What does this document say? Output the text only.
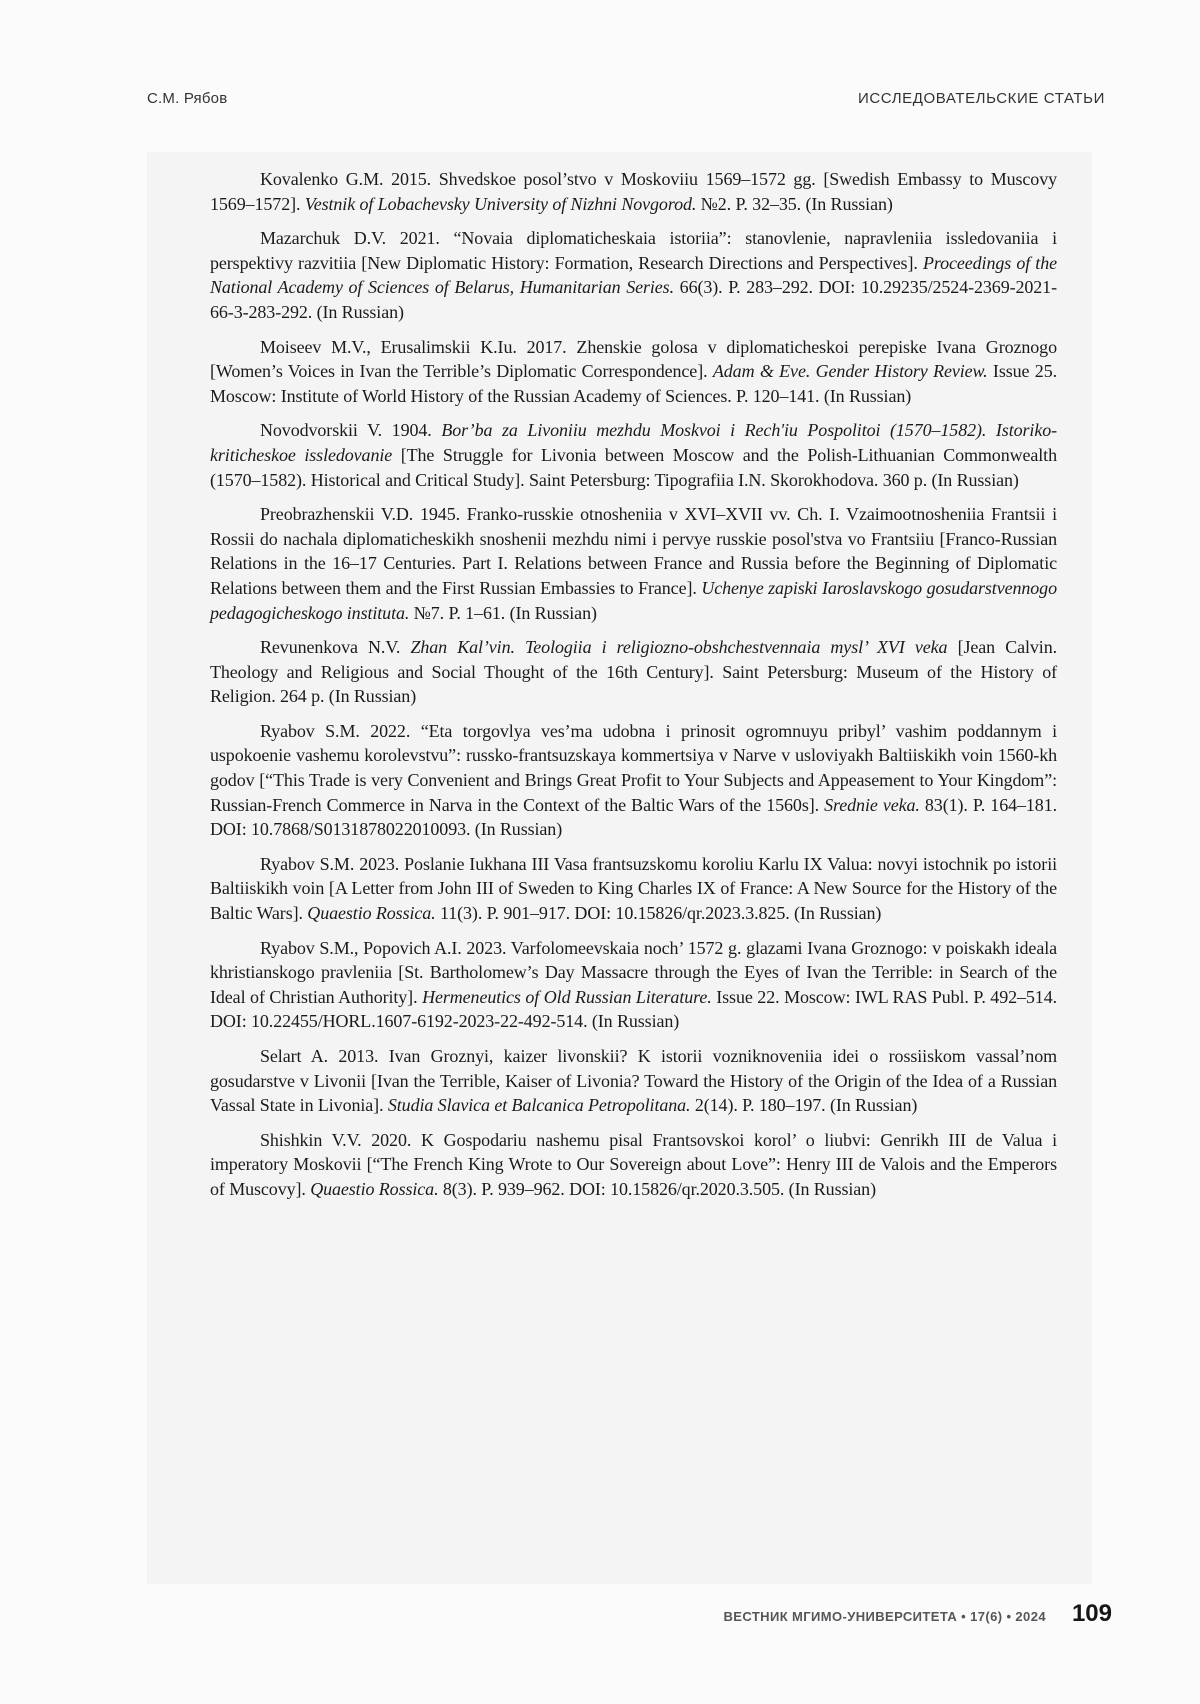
С.М. Рябов	ИССЛЕДОВАТЕЛЬСКИЕ СТАТЬИ

Kovalenko G.M. 2015. Shvedskoe posol’stvo v Moskoviiu 1569–1572 gg. [Swedish Embassy to Muscovy 1569–1572]. Vestnik of Lobachevsky University of Nizhni Novgorod. №2. P. 32–35. (In Russian)

Mazarchuk D.V. 2021. “Novaia diplomaticheskaia istoriia”: stanovlenie, napravleniia issledovaniia i perspektivy razvitiia [New Diplomatic History: Formation, Research Directions and Perspectives]. Proceedings of the National Academy of Sciences of Belarus, Humanitarian Series. 66(3). P. 283–292. DOI: 10.29235/2524-2369-2021-66-3-283-292. (In Russian)

Moiseev M.V., Erusalimskii K.Iu. 2017. Zhenskie golosa v diplomaticheskoi perepiske Ivana Groznogo [Women’s Voices in Ivan the Terrible’s Diplomatic Correspondence]. Adam & Eve. Gender History Review. Issue 25. Moscow: Institute of World History of the Russian Academy of Sciences. P. 120–141. (In Russian)

Novodvorskii V. 1904. Bor’ba za Livoniiu mezhdu Moskvoi i Rech'iu Pospolitoi (1570–1582). Istoriko-kriticheskoe issledovanie [The Struggle for Livonia between Moscow and the Polish-Lithuanian Commonwealth (1570–1582). Historical and Critical Study]. Saint Petersburg: Tipografiia I.N. Skorokhodova. 360 p. (In Russian)

Preobrazhenskii V.D. 1945. Franko-russkie otnosheniia v XVI–XVII vv. Ch. I. Vzaimootnosheniia Frantsii i Rossii do nachala diplomaticheskikh snoshenii mezhdu nimi i pervye russkie posol'stva vo Frantsiiu [Franco-Russian Relations in the 16–17 Centuries. Part I. Relations between France and Russia before the Beginning of Diplomatic Relations between them and the First Russian Embassies to France]. Uchenye zapiski Iaroslavskogo gosudarstvennogo pedagogicheskogo instituta. №7. P. 1–61. (In Russian)

Revunenkova N.V. Zhan Kal’vin. Teologiia i religiozno-obshchestvennaia mysl’ XVI veka [Jean Calvin. Theology and Religious and Social Thought of the 16th Century]. Saint Petersburg: Museum of the History of Religion. 264 p. (In Russian)

Ryabov S.M. 2022. “Eta torgovlya ves’ma udobna i prinosit ogromnuyu pribyl’ vashim poddannym i uspokoenie vashemu korolevstvu”: russko-frantsuzskaya kommertsiya v Narve v usloviyakh Baltiiskikh voin 1560-kh godov [“This Trade is very Convenient and Brings Great Profit to Your Subjects and Appeasement to Your Kingdom”: Russian-French Commerce in Narva in the Context of the Baltic Wars of the 1560s]. Srednie veka. 83(1). P. 164–181. DOI: 10.7868/S0131878022010093. (In Russian)

Ryabov S.M. 2023. Poslanie Iukhana III Vasa frantsuzskomu koroliu Karlu IX Valua: novyi istochnik po istorii Baltiiskikh voin [A Letter from John III of Sweden to King Charles IX of France: A New Source for the History of the Baltic Wars]. Quaestio Rossica. 11(3). P. 901–917. DOI: 10.15826/qr.2023.3.825. (In Russian)

Ryabov S.M., Popovich A.I. 2023. Varfolomeevskaia noch’ 1572 g. glazami Ivana Groznogo: v poiskakh ideala khristianskogo pravleniia [St. Bartholomew’s Day Massacre through the Eyes of Ivan the Terrible: in Search of the Ideal of Christian Authority]. Hermeneutics of Old Russian Literature. Issue 22. Moscow: IWL RAS Publ. P. 492–514. DOI: 10.22455/HORL.1607-6192-2023-22-492-514. (In Russian)

Selart A. 2013. Ivan Groznyi, kaizer livonskii? K istorii vozniknoveniia idei o rossiiskom vassal’nom gosudarstve v Livonii [Ivan the Terrible, Kaiser of Livonia? Toward the History of the Origin of the Idea of a Russian Vassal State in Livonia]. Studia Slavica et Balcanica Petropolitana. 2(14). P. 180–197. (In Russian)

Shishkin V.V. 2020. K Gospodariu nashemu pisal Frantsovskoi korol’ o liubvi: Genrikh III de Valua i imperatory Moskovii [“The French King Wrote to Our Sovereign about Love”: Henry III de Valois and the Emperors of Muscovy]. Quaestio Rossica. 8(3). P. 939–962. DOI: 10.15826/qr.2020.3.505. (In Russian)

ВЕСТНИК МГИМО-УНИВЕРСИТЕТА • 17(6) • 2024 109
